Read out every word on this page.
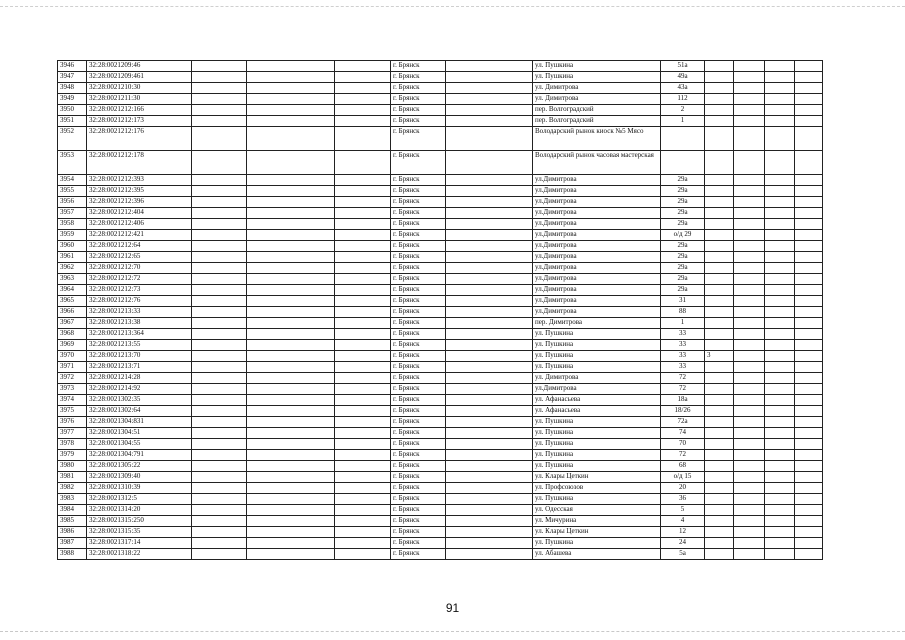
3946	32:28:0021209:46				г. Брянск		ул. Пушкина	51а				
3947	32:28:0021209:461				г. Брянск		ул. Пушкина	49а				
3948	32:28:0021210:30				г. Брянск		ул. Димитрова	43а				
3949	32:28:0021211:30				г. Брянск		ул. Димитрова	112				
3950	32:28:0021212:166				г. Брянск		пер. Волгоградский	2				
3951	32:28:0021212:173				г. Брянск		пер. Волгоградский	1				
3952	32:28:0021212:176				г. Брянск		Володарский рынок киоск №5 Мясо					
3953	32:28:0021212:178				г. Брянск		Володарский рынок часовая мастерская					
3954	32:28:0021212:393				г. Брянск		ул.Димитрова	29а				
3955	32:28:0021212:395				г. Брянск		ул.Димитрова	29а				
3956	32:28:0021212:396				г. Брянск		ул.Димитрова	29а				
3957	32:28:0021212:404				г. Брянск		ул.Димитрова	29а				
3958	32:28:0021212:406				г. Брянск		ул.Димитрова	29а				
3959	32:28:0021212:421				г. Брянск		ул.Димитрова	о/д 29				
3960	32:28:0021212:64				г. Брянск		ул.Димитрова	29а				
3961	32:28:0021212:65				г. Брянск		ул.Димитрова	29а				
3962	32:28:0021212:70				г. Брянск		ул.Димитрова	29а				
3963	32:28:0021212:72				г. Брянск		ул.Димитрова	29а				
3964	32:28:0021212:73				г. Брянск		ул.Димитрова	29а				
3965	32:28:0021212:76				г. Брянск		ул.Димитрова	31				
3966	32:28:0021213:33				г. Брянск		ул.Димитрова	88				
3967	32:28:0021213:38				г. Брянск		пер. Димитрова	1				
3968	32:28:0021213:364				г. Брянск		ул. Пушкина	33				
3969	32:28:0021213:55				г. Брянск		ул. Пушкина	33				
3970	32:28:0021213:70				г. Брянск		ул. Пушкина	33	3			
3971	32:28:0021213:71				г. Брянск		ул. Пушкина	33				
3972	32:28:0021214:28				г. Брянск		ул. Димитрова	72				
3973	32:28:0021214:92				г. Брянск		ул.Димитрова	72				
3974	32:28:0021302:35				г. Брянск		ул. Афанасьева	18а				
3975	32:28:0021302:64				г. Брянск		ул. Афанасьева	18/26				
3976	32:28:0021304:831				г. Брянск		ул. Пушкина	72а				
3977	32:28:0021304:51				г. Брянск		ул. Пушкина	74				
3978	32:28:0021304:55				г. Брянск		ул. Пушкина	70				
3979	32:28:0021304:791				г. Брянск		ул. Пушкина	72				
3980	32:28:0021305:22				г. Брянск		ул. Пушкина	68				
3981	32:28:0021309:40				г. Брянск		ул. Клары Цеткин	о/д 15				
3982	32:28:0021310:39				г. Брянск		ул. Профсоюзов	20				
3983	32:28:0021312:5				г. Брянск		ул. Пушкина	36				
3984	32:28:0021314:20				г. Брянск		ул. Одесская	5				
3985	32:28:0021315:250				г. Брянск		ул. Мичурина	4				
3986	32:28:0021315:35				г. Брянск		ул. Клары Цеткин	12				
3987	32:28:0021317:14				г. Брянск		ул. Пушкина	24				
3988	32:28:0021318:22				г. Брянск		ул. Абашева	5а				
91
